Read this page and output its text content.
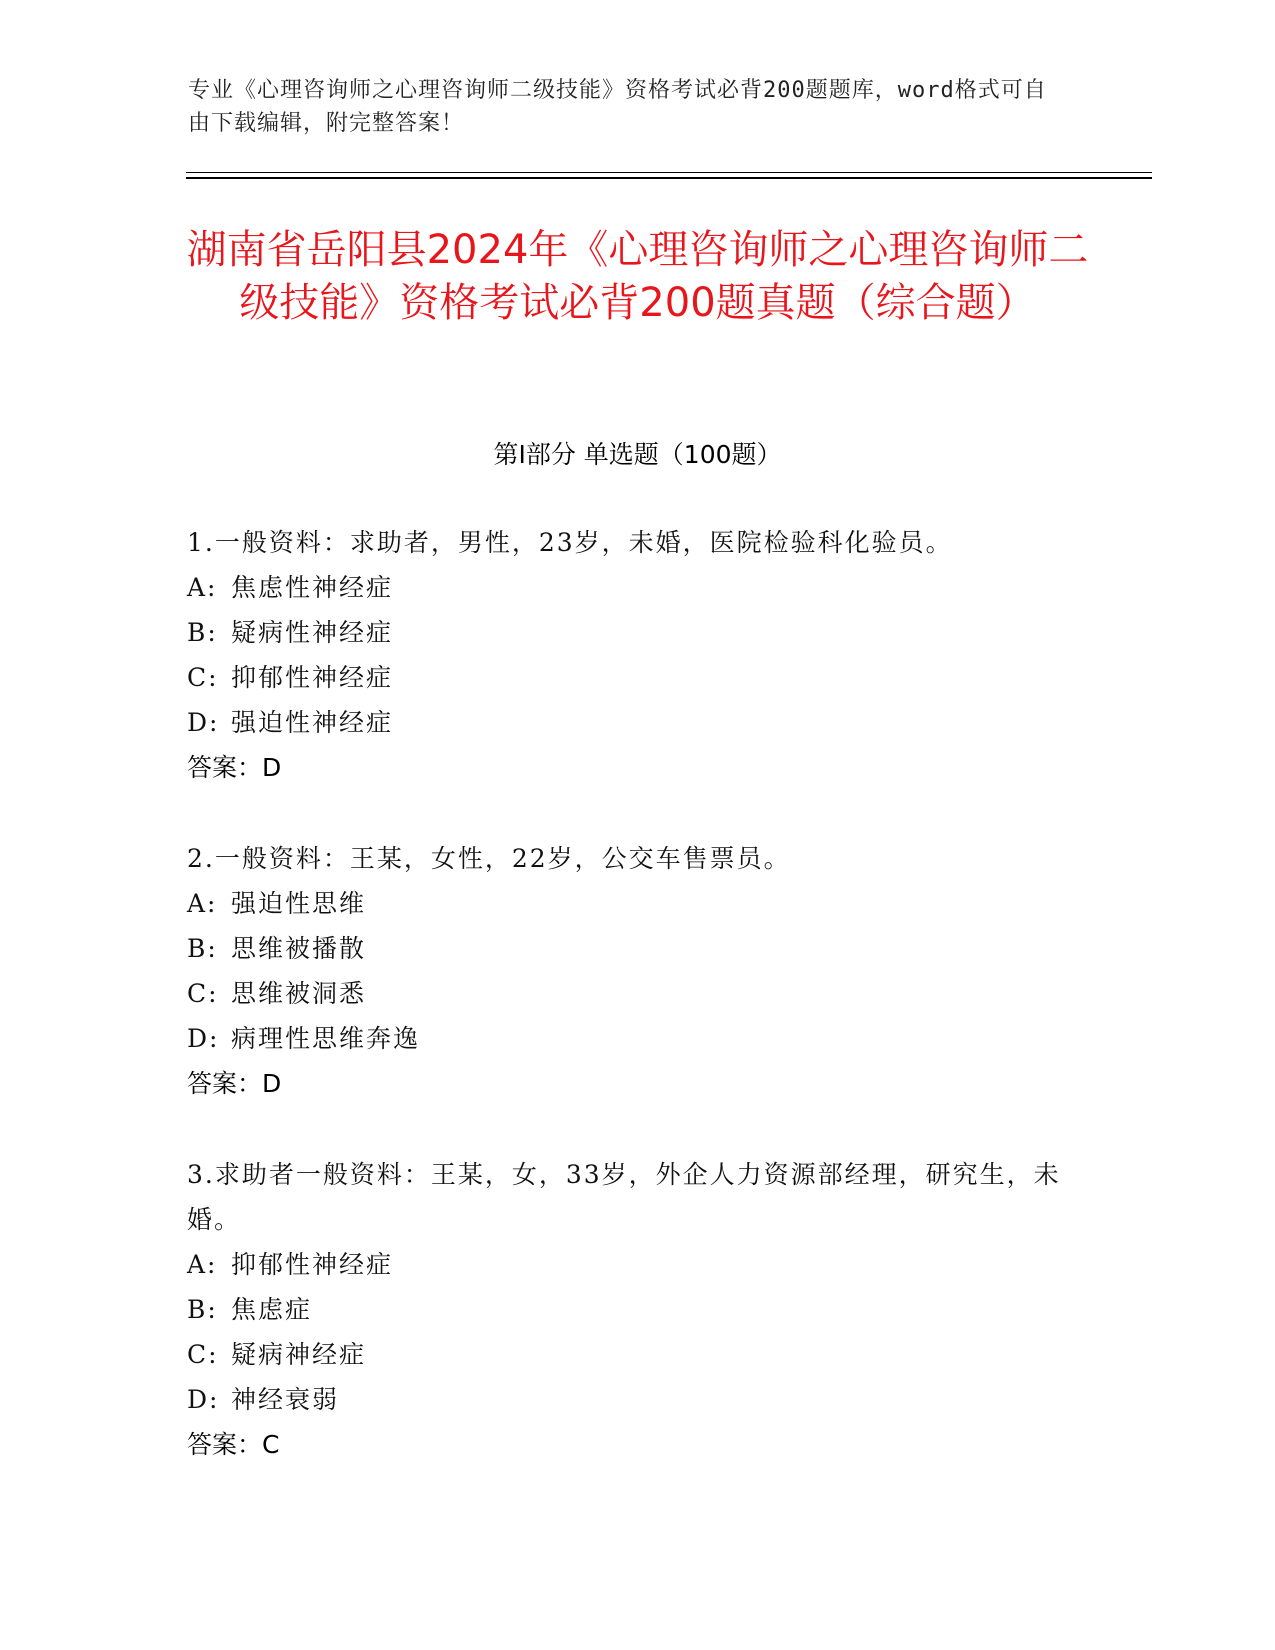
专业《心理咨询师之心理咨询师二级技能》资格考试必背200题题库，word格式可自由下载编辑，附完整答案！
湖南省岳阳县2024年《心理咨询师之心理咨询师二级技能》资格考试必背200题真题（综合题）
第Ⅰ部分 单选题（100题）

1.一般资料：求助者，男性，23岁，未婚，医院检验科化验员。

A: 焦虑性神经症

B: 疑病性神经症

C: 抑郁性神经症

D: 强迫性神经症

答案：D

2.一般资料：王某，女性，22岁，公交车售票员。

A: 强迫性思维

B: 思维被播散

C: 思维被洞悉

D: 病理性思维奔逸

答案：D

3.求助者一般资料：王某，女，33岁，外企人力资源部经理，研究生，未婚。

A: 抑郁性神经症

B: 焦虑症

C: 疑病神经症

D: 神经衰弱

答案：C
